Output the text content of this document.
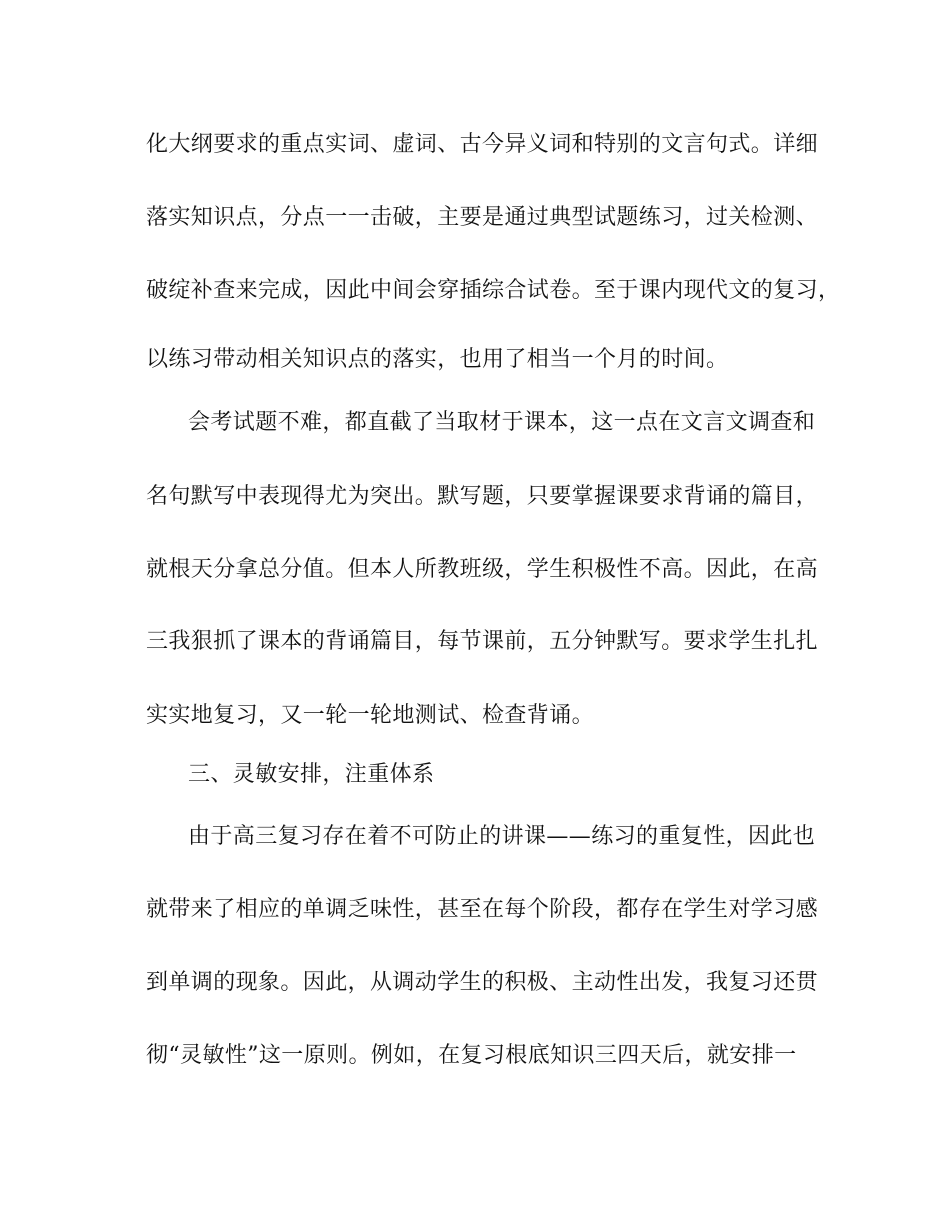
化大纲要求的重点实词、虚词、古今异义词和特别的文言句式。详细
落实知识点，分点一一击破，主要是通过典型试题练习，过关检测、
破绽补查来完成，因此中间会穿插综合试卷。至于课内现代文的复习，
以练习带动相关知识点的落实，也用了相当一个月的时间。
会考试题不难，都直截了当取材于课本，这一点在文言文调查和
名句默写中表现得尤为突出。默写题，只要掌握课要求背诵的篇目，
就根天分拿总分值。但本人所教班级，学生积极性不高。因此，在高
三我狠抓了课本的背诵篇目，每节课前，五分钟默写。要求学生扎扎
实实地复习，又一轮一轮地测试、检查背诵。
三、灵敏安排，注重体系
由于高三复习存在着不可防止的讲课——练习的重复性，因此也
就带来了相应的单调乏味性，甚至在每个阶段，都存在学生对学习感
到单调的现象。因此，从调动学生的积极、主动性出发，我复习还贯
彻“灵敏性”这一原则。例如，在复习根底知识三四天后，就安排一
